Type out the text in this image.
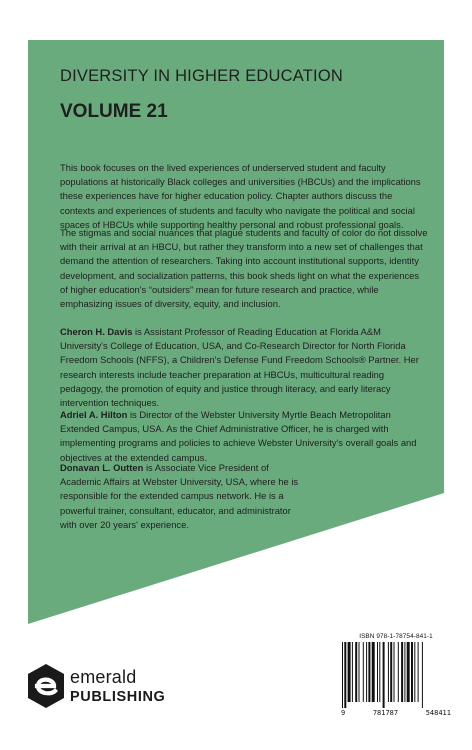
DIVERSITY IN HIGHER EDUCATION
VOLUME 21
This book focuses on the lived experiences of underserved student and faculty populations at historically Black colleges and universities (HBCUs) and the implications these experiences have for higher education policy. Chapter authors discuss the contexts and experiences of students and faculty who navigate the political and social spaces of HBCUs while supporting healthy personal and robust professional goals.
The stigmas and social nuances that plague students and faculty of color do not dissolve with their arrival at an HBCU, but rather they transform into a new set of challenges that demand the attention of researchers. Taking into account institutional supports, identity development, and socialization patterns, this book sheds light on what the experiences of higher education's “outsiders” mean for future research and practice, while emphasizing issues of diversity, equity, and inclusion.
Cheron H. Davis is Assistant Professor of Reading Education at Florida A&M University's College of Education, USA, and Co-Research Director for North Florida Freedom Schools (NFFS), a Children's Defense Fund Freedom Schools® Partner. Her research interests include teacher preparation at HBCUs, multicultural reading pedagogy, the promotion of equity and justice through literacy, and early literacy intervention techniques.
Adriel A. Hilton is Director of the Webster University Myrtle Beach Metropolitan Extended Campus, USA. As the Chief Administrative Officer, he is charged with implementing programs and policies to achieve Webster University's overall goals and objectives at the extended campus.
Donavan L. Outten is Associate Vice President of Academic Affairs at Webster University, USA, where he is responsible for the extended campus network. He is a powerful trainer, consultant, educator, and administrator with over 20 years' experience.
emerald
PUBLISHING
ISBN 978-1-78754-841-1
9	781787	548411
